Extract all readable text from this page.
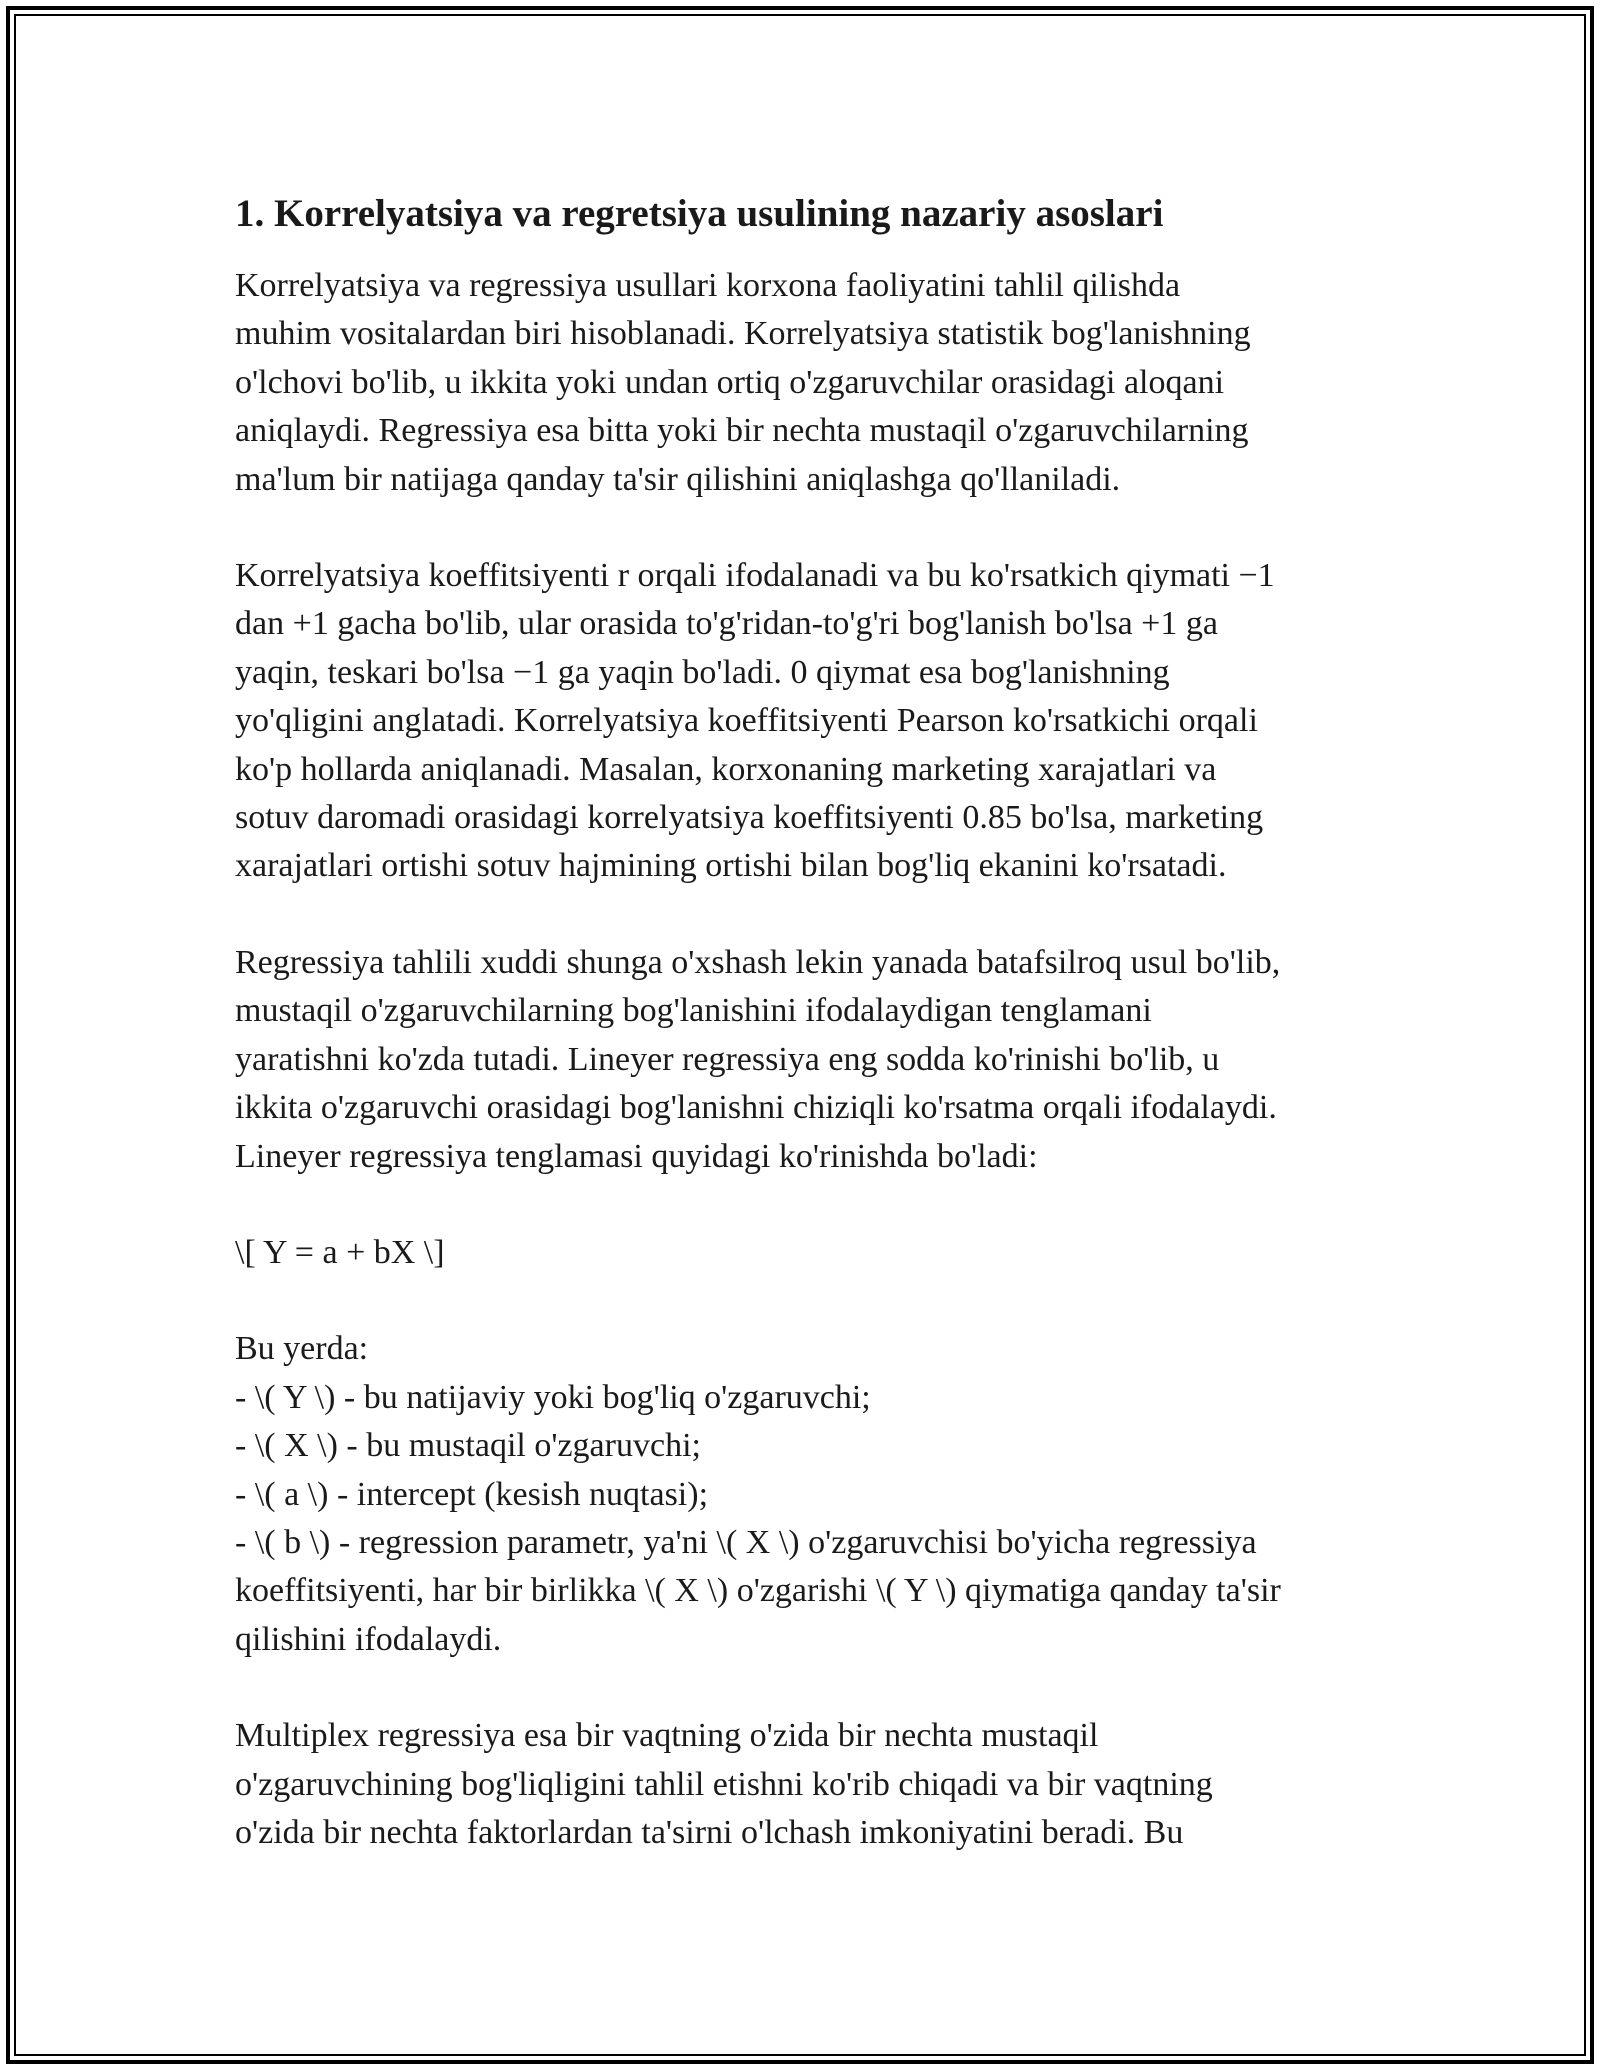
1. Korrelyatsiya va regretsiya usulining nazariy asoslari
Korrelyatsiya va regressiya usullari korxona faoliyatini tahlil qilishda
muhim vositalardan biri hisoblanadi. Korrelyatsiya statistik bog'lanishning
o'lchovi bo'lib, u ikkita yoki undan ortiq o'zgaruvchilar orasidagi aloqani
aniqlaydi. Regressiya esa bitta yoki bir nechta mustaqil o'zgaruvchilarning
ma'lum bir natijaga qanday ta'sir qilishini aniqlashga qo'llaniladi.
Korrelyatsiya koeffitsiyenti r orqali ifodalanadi va bu ko'rsatkich qiymati −1
dan +1 gacha bo'lib, ular orasida to'g'ridan-to'g'ri bog'lanish bo'lsa +1 ga
yaqin, teskari bo'lsa −1 ga yaqin bo'ladi. 0 qiymat esa bog'lanishning
yo'qligini anglatadi. Korrelyatsiya koeffitsiyenti Pearson ko'rsatkichi orqali
ko'p hollarda aniqlanadi. Masalan, korxonaning marketing xarajatlari va
sotuv daromadi orasidagi korrelyatsiya koeffitsiyenti 0.85 bo'lsa, marketing
xarajatlari ortishi sotuv hajmining ortishi bilan bog'liq ekanini ko'rsatadi.
Regressiya tahlili xuddi shunga o'xshash lekin yanada batafsilroq usul bo'lib,
mustaqil o'zgaruvchilarning bog'lanishini ifodalaydigan tenglamani
yaratishni ko'zda tutadi. Lineyer regressiya eng sodda ko'rinishi bo'lib, u
ikkita o'zgaruvchi orasidagi bog'lanishni chiziqli ko'rsatma orqali ifodalaydi.
Lineyer regressiya tenglamasi quyidagi ko'rinishda bo'ladi:
\[ Y = a + bX \]
Bu yerda:
- \( Y \) - bu natijaviy yoki bog'liq o'zgaruvchi;
- \( X \) - bu mustaqil o'zgaruvchi;
- \( a \) - intercept (kesish nuqtasi);
- \( b \) - regression parametr, ya'ni \( X \) o'zgaruvchisi bo'yicha regressiya
koeffitsiyenti, har bir birlikka \( X \) o'zgarishi \( Y \) qiymatiga qanday ta'sir
qilishini ifodalaydi.
Multiplex regressiya esa bir vaqtning o'zida bir nechta mustaqil
o'zgaruvchining bog'liqligini tahlil etishni ko'rib chiqadi va bir vaqtning
o'zida bir nechta faktorlardan ta'sirni o'lchash imkoniyatini beradi. Bu
